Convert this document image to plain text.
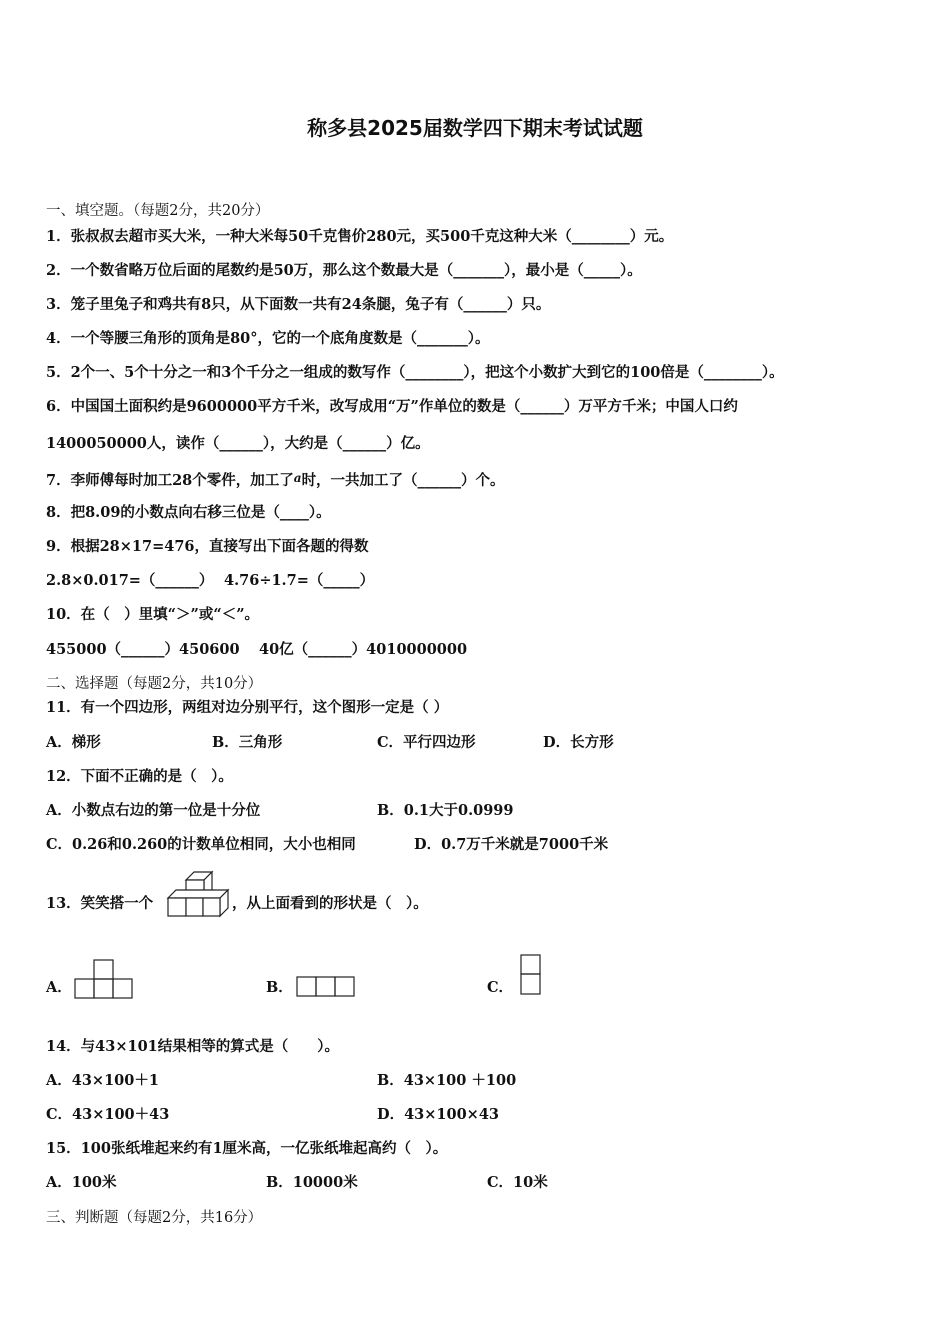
称多县2025届数学四下期末考试试题
一、填空题。（每题2分，共20分）
1．张叔叔去超市买大米，一种大米每50千克售价280元，买500千克这种大米（________）元。
2．一个数省略万位后面的尾数约是50万，那么这个数最大是（_______），最小是（_____）。
3．笼子里兔子和鸡共有8只，从下面数一共有24条腿，兔子有（______）只。
4．一个等腰三角形的顶角是80°，它的一个底角度数是（_______）。
5．2个一、5个十分之一和3个千分之一组成的数写作（________），把这个小数扩大到它的100倍是（________）。
6．中国国土面积约是9600000平方千米，改写成用“万”作单位的数是（______）万平方千米；中国人口约
1400050000人，读作（______），大约是（______）亿。
7．李师傅每时加工28个零件，加工了$^a$时，一共加工了（______）个。
8．把8.09的小数点向右移三位是（____）。
9．根据28×17=476，直接写出下面各题的得数
2.8×0.017=（______） 4.76÷1.7=（_____）
10．在（　）里填“＞”或“＜”。
455000（______）450600 40亿（______）4010000000
二、选择题（每题2分，共10分）
11．有一个四边形，两组对边分别平行，这个图形一定是（ ）
A．梯形	B．三角形	C．平行四边形	D．长方形
12．下面不正确的是（　）。
A．小数点右边的第一位是十分位	B．0.1大于0.0999
C．0.26和0.260的计数单位相同，大小也相同	D．0.7万千米就是7000千米
13．笑笑搭一个	，从上面看到的形状是（　）。
A．	B．	C．
14．与43×101结果相等的算式是（　　）。
A．43×100＋1	B．43×100 ＋100
C．43×100＋43	D．43×100×43
15．100张纸堆起来约有1厘米高，一亿张纸堆起高约（　）。
A．100米	B．10000米	C．10米
三、判断题（每题2分，共16分）
